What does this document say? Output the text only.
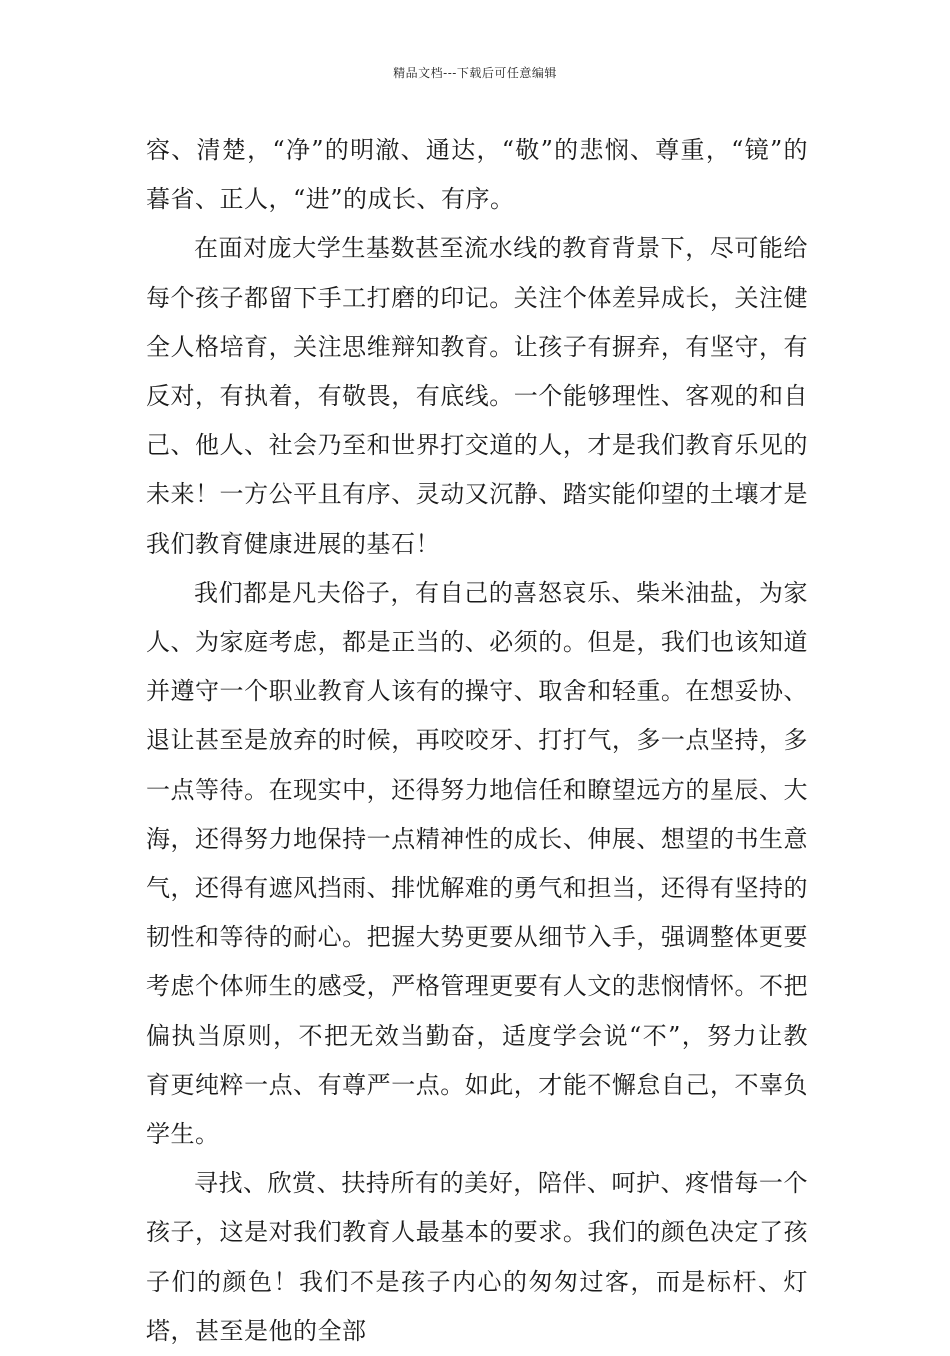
精品文档---下载后可任意编辑

容、清楚，“净”的明澈、通达，“敬”的悲悯、尊重，“镜”的暮省、正人，“进”的成长、有序。

在面对庞大学生基数甚至流水线的教育背景下，尽可能给每个孩子都留下手工打磨的印记。关注个体差异成长，关注健全人格培育，关注思维辩知教育。让孩子有摒弃，有坚守，有反对，有执着，有敬畏，有底线。一个能够理性、客观的和自己、他人、社会乃至和世界打交道的人，才是我们教育乐见的未来！一方公平且有序、灵动又沉静、踏实能仰望的土壤才是我们教育健康进展的基石！

我们都是凡夫俗子，有自己的喜怒哀乐、柴米油盐，为家人、为家庭考虑，都是正当的、必须的。但是，我们也该知道并遵守一个职业教育人该有的操守、取舍和轻重。在想妥协、退让甚至是放弃的时候，再咬咬牙、打打气，多一点坚持，多一点等待。在现实中，还得努力地信任和瞭望远方的星辰、大海，还得努力地保持一点精神性的成长、伸展、想望的书生意气，还得有遮风挡雨、排忧解难的勇气和担当，还得有坚持的韧性和等待的耐心。把握大势更要从细节入手，强调整体更要考虑个体师生的感受，严格管理更要有人文的悲悯情怀。不把偏执当原则，不把无效当勤奋，适度学会说“不”，努力让教育更纯粹一点、有尊严一点。如此，才能不懈怠自己，不辜负学生。

寻找、欣赏、扶持所有的美好，陪伴、呵护、疼惜每一个孩子，这是对我们教育人最基本的要求。我们的颜色决定了孩子们的颜色！我们不是孩子内心的匆匆过客，而是标杆、灯塔，甚至是他的全部
